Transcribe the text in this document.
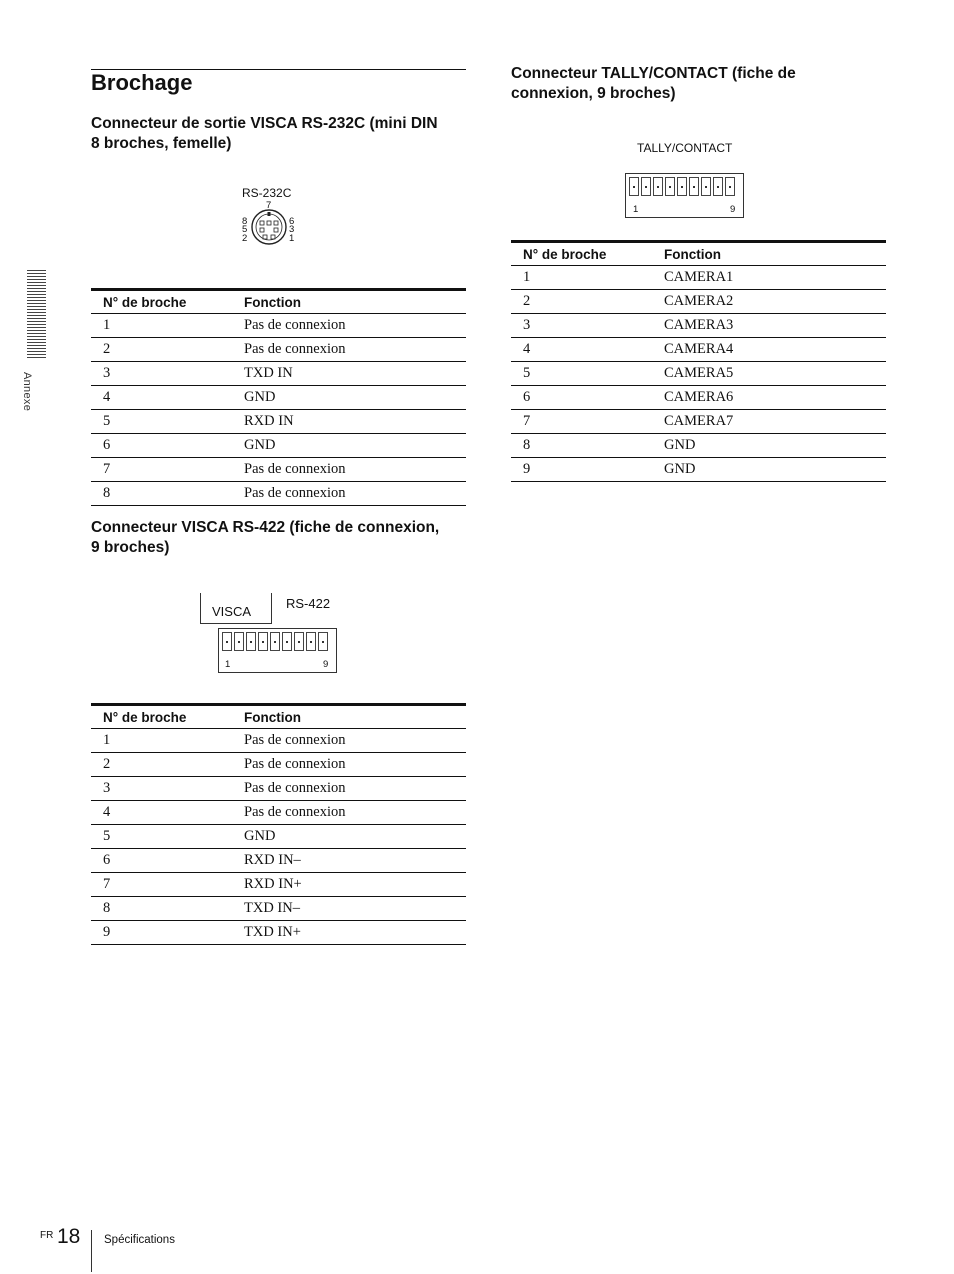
Annexe
Brochage
Connecteur de sortie VISCA RS-232C (mini DIN
8 broches, femelle)
RS-232C
7
8
5
2
6
3
1
N° de broche	Fonction
1	Pas de connexion
2	Pas de connexion
3	TXD IN
4	GND
5	RXD IN
6	GND
7	Pas de connexion
8	Pas de connexion
Connecteur VISCA RS-422 (fiche de connexion,
9 broches)
VISCA
RS-422
1	9
N° de broche	Fonction
1	Pas de connexion
2	Pas de connexion
3	Pas de connexion
4	Pas de connexion
5	GND
6	RXD IN–
7	RXD IN+
8	TXD IN–
9	TXD IN+
Connecteur TALLY/CONTACT (fiche de
connexion, 9 broches)
TALLY/CONTACT
1	9
N° de broche	Fonction
1	CAMERA1
2	CAMERA2
3	CAMERA3
4	CAMERA4
5	CAMERA5
6	CAMERA6
7	CAMERA7
8	GND
9	GND
FR 18 Spécifications
